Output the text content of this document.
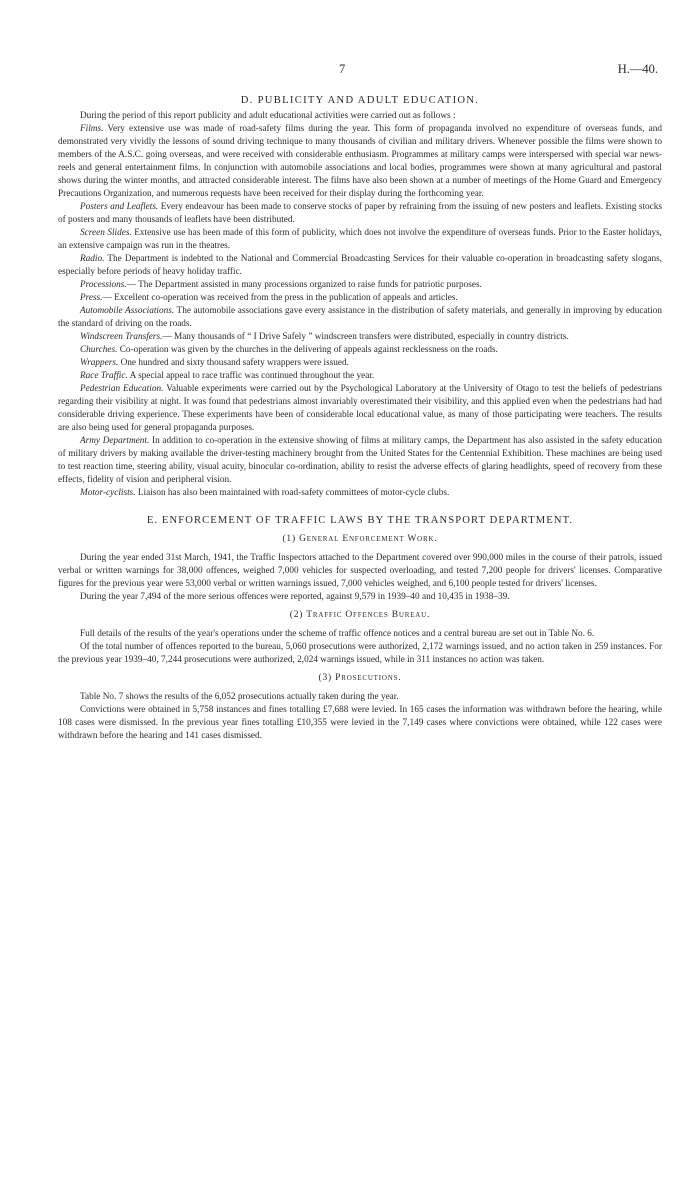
7	H.—40.
D. PUBLICITY AND ADULT EDUCATION.

During the period of this report publicity and adult educational activities were carried out as follows :

Films. Very extensive use was made of road-safety films during the year. This form of propaganda involved no expenditure of overseas funds, and demonstrated very vividly the lessons of sound driving technique to many thousands of civilian and military drivers. Whenever possible the films were shown to members of the A.S.C. going overseas, and were received with considerable enthusiasm. Programmes at military camps were interspersed with special war news-reels and general entertainment films. In conjunction with automobile associations and local bodies, programmes were shown at many agricultural and pastoral shows during the winter months, and attracted considerable interest. The films have also been shown at a number of meetings of the Home Guard and Emergency Precautions Organization, and numerous requests have been received for their display during the forthcoming year.

Posters and Leaflets. Every endeavour has been made to conserve stocks of paper by refraining from the issuing of new posters and leaflets. Existing stocks of posters and many thousands of leaflets have been distributed.

Screen Slides. Extensive use has been made of this form of publicity, which does not involve the expenditure of overseas funds. Prior to the Easter holidays, an extensive campaign was run in the theatres.

Radio. The Department is indebted to the National and Commercial Broadcasting Services for their valuable co-operation in broadcasting safety slogans, especially before periods of heavy holiday traffic.

Processions.— The Department assisted in many processions organized to raise funds for patriotic purposes.

Press.— Excellent co-operation was received from the press in the publication of appeals and articles.

Automobile Associations. The automobile associations gave every assistance in the distribution of safety materials, and generally in improving by education the standard of driving on the roads.

Windscreen Transfers.— Many thousands of “ I Drive Safely ” windscreen transfers were distributed, especially in country districts.

Churches. Co-operation was given by the churches in the delivering of appeals against recklessness on the roads.

Wrappers. One hundred and sixty thousand safety wrappers were issued.

Race Traffic. A special appeal to race traffic was continued throughout the year.

Pedestrian Education. Valuable experiments were carried out by the Psychological Laboratory at the University of Otago to test the beliefs of pedestrians regarding their visibility at night. It was found that pedestrians almost invariably overestimated their visibility, and this applied even when the pedestrians had had considerable driving experience. These experiments have been of considerable local educational value, as many of those participating were teachers. The results are also being used for general propaganda purposes.

Army Department. In addition to co-operation in the extensive showing of films at military camps, the Department has also assisted in the safety education of military drivers by making available the driver-testing machinery brought from the United States for the Centennial Exhibition. These machines are being used to test reaction time, steering ability, visual acuity, binocular co-ordination, ability to resist the adverse effects of glaring headlights, speed of recovery from these effects, fidelity of vision and peripheral vision.

Motor-cyclists. Liaison has also been maintained with road-safety committees of motor-cycle clubs.

E. ENFORCEMENT OF TRAFFIC LAWS BY THE TRANSPORT DEPARTMENT.
(1) General Enforcement Work.

During the year ended 31st March, 1941, the Traffic Inspectors attached to the Department covered over 990,000 miles in the course of their patrols, issued verbal or written warnings for 38,000 offences, weighed 7,000 vehicles for suspected overloading, and tested 7,200 people for drivers' licenses. Comparative figures for the previous year were 53,000 verbal or written warnings issued, 7,000 vehicles weighed, and 6,100 people tested for drivers' licenses.

During the year 7,494 of the more serious offences were reported, against 9,579 in 1939–40 and 10,435 in 1938–39.

(2) Traffic Offences Bureau.

Full details of the results of the year's operations under the scheme of traffic offence notices and a central bureau are set out in Table No. 6.

Of the total number of offences reported to the bureau, 5,060 prosecutions were authorized, 2,172 warnings issued, and no action taken in 259 instances. For the previous year 1939–40, 7,244 prosecutions were authorized, 2,024 warnings issued, while in 311 instances no action was taken.

(3) Prosecutions.

Table No. 7 shows the results of the 6,052 prosecutions actually taken during the year.

Convictions were obtained in 5,758 instances and fines totalling £7,688 were levied. In 165 cases the information was withdrawn before the hearing, while 108 cases were dismissed. In the previous year fines totalling £10,355 were levied in the 7,149 cases where convictions were obtained, while 122 cases were withdrawn before the hearing and 141 cases dismissed.
